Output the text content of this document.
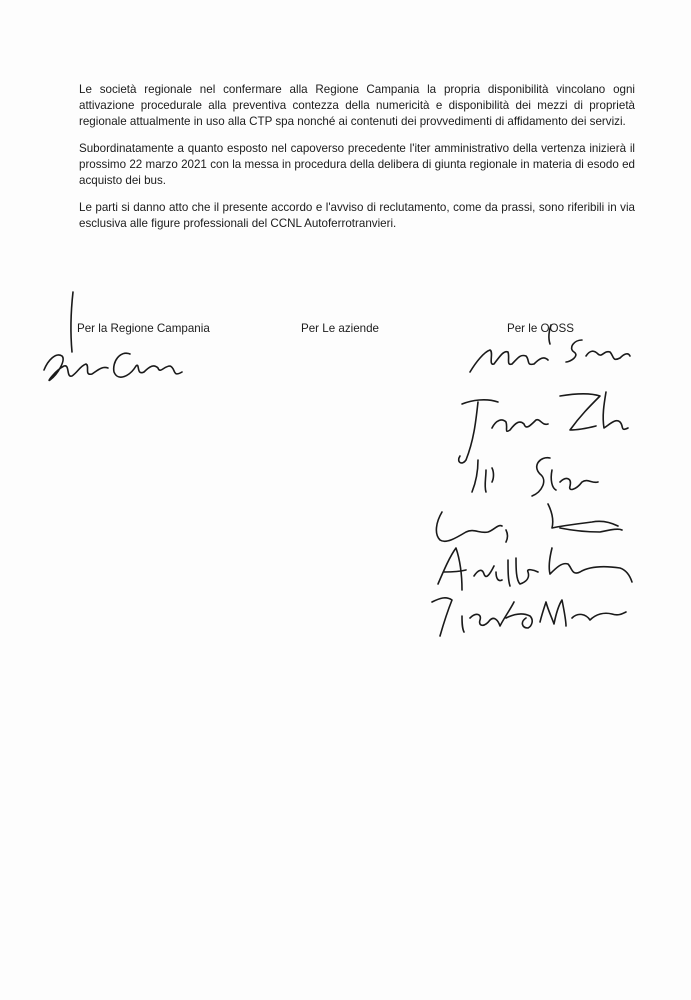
Le società regionale nel confermare alla Regione Campania la propria disponibilità vincolano ogni attivazione procedurale alla preventiva contezza della numericità e disponibilità dei mezzi di proprietà regionale attualmente in uso alla CTP spa nonché ai contenuti dei provvedimenti di affidamento dei servizi.

Subordinatamente a quanto esposto nel capoverso precedente l'iter amministrativo della vertenza inizierà il prossimo 22 marzo 2021 con la messa in procedura della delibera di giunta regionale in materia di esodo ed acquisto dei bus.

Le parti si danno atto che il presente accordo e l'avviso di reclutamento, come da prassi, sono riferibili in via esclusiva alle figure professionali del CCNL Autoferrotranvieri.

Per la Regione Campania	Per Le aziende	Per le OOSS
